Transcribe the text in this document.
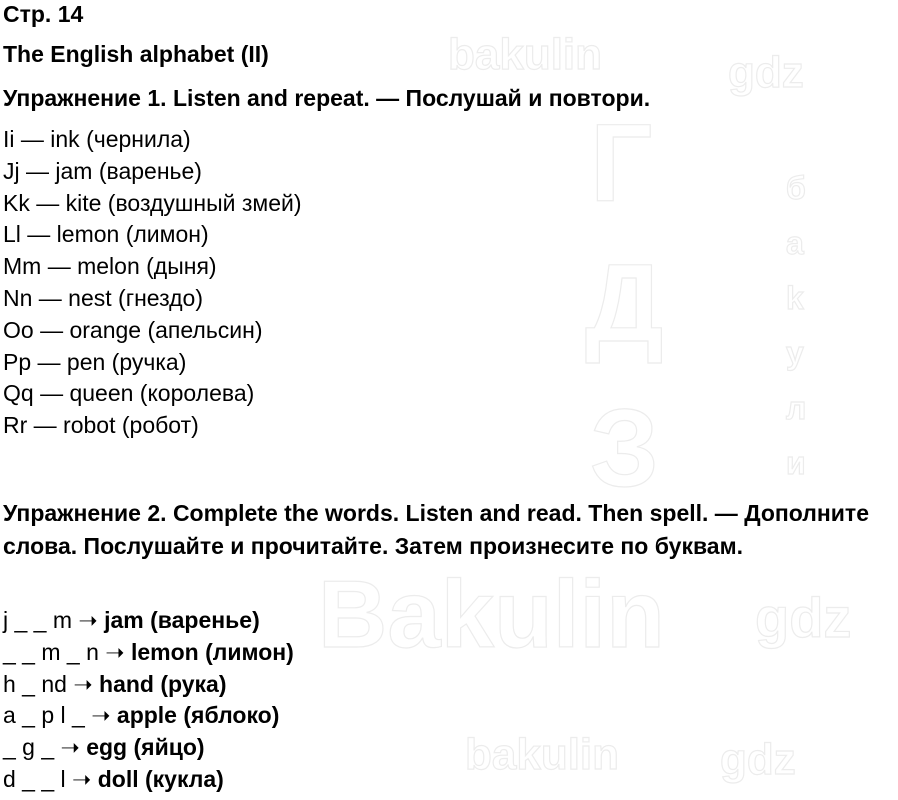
bakulin	gdz
Г
Д
З
б
а
k
у
л
и
Bakulin gdz
bakulin gdz
Стр. 14
The English alphabet (II)
Упражнение 1. Listen and repeat. — Послушай и повтори.
Ii — ink (чернила)
Jj — jam (варенье)
Kk — kite (воздушный змей)
Ll — lemon (лимон)
Mm — melon (дыня)
Nn — nest (гнездо)
Oo — orange (апельсин)
Pp — pen (ручка)
Qq — queen (королева)
Rr — robot (робот)
Упражнение 2. Complete the words. Listen and read. Then spell. — Дополните слова. Послушайте и прочитайте. Затем произнесите по буквам.
j _ _ m ➝ jam (варенье)
_ _ m _ n ➝ lemon (лимон)
h _ nd ➝ hand (рука)
a _ p l _ ➝ apple (яблоко)
_ g _ ➝ egg (яйцо)
d _ _ l ➝ doll (кукла)
